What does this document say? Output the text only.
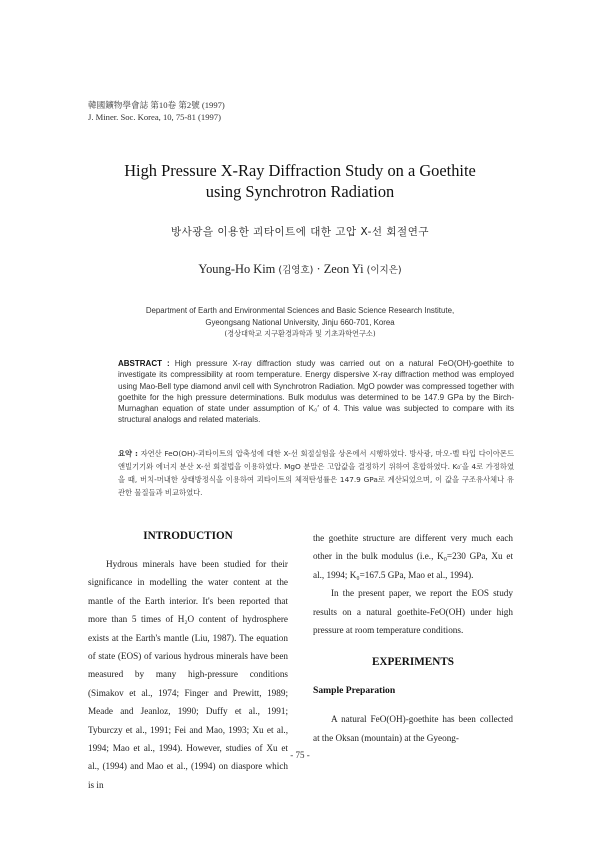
韓國鑛物學會誌 第10卷 第2號 (1997)
J. Miner. Soc. Korea, 10, 75-81 (1997)
High Pressure X-Ray Diffraction Study on a Goethite
using Synchrotron Radiation
방사광을 이용한 괴타이트에 대한 고압 X-선 회절연구
Young-Ho Kim (김영호) · Zeon Yi (이지은)
Department of Earth and Environmental Sciences and Basic Science Research Institute,
Gyeongsang National University, Jinju 660-701, Korea
(경상대학교 지구환경과학과 및 기초과학연구소)
ABSTRACT : High pressure X-ray diffraction study was carried out on a natural FeO(OH)-goethite to investigate its compressibility at room temperature. Energy dispersive X-ray diffraction method was employed using Mao-Bell type diamond anvil cell with Synchrotron Radiation. MgO powder was compressed together with goethite for the high pressure determinations. Bulk modulus was determined to be 147.9 GPa by the Birch-Murnaghan equation of state under assumption of K₀′ of 4. This value was subjected to compare with its structural analogs and related materials.
요약 : 자연산 FeO(OH)-괴타이트의 압축성에 대한 X-선 회절실험을 상온에서 시행하였다. 방사광, 마오-벨 타입 다이아몬드 앤빌기기와 에너지 분산 X-선 회절법을 이용하였다. MgO 분말은 고압값을 결정하기 위하여 혼합하였다. K₀′을 4로 가정하였을 때, 버치-머내한 상태방정식을 이용하여 괴타이트의 체적탄성률은 147.9 GPa로 계산되었으며, 이 값을 구조유사체나 유관한 물질들과 비교하였다.
INTRODUCTION

Hydrous minerals have been studied for their significance in modelling the water content at the mantle of the Earth interior. It's been reported that more than 5 times of H₂O content of hydrosphere exists at the Earth's mantle (Liu, 1987). The equation of state (EOS) of various hydrous minerals have been measured by many high-pressure conditions (Simakov et al., 1974; Finger and Prewitt, 1989; Meade and Jeanloz, 1990; Duffy et al., 1991; Tyburczy et al., 1991; Fei and Mao, 1993; Xu et al., 1994; Mao et al., 1994). However, studies of Xu et al., (1994) and Mao et al., (1994) on diaspore which is in

the goethite structure are different very much each other in the bulk modulus (i.e., K₀=230 GPa, Xu et al., 1994; K₀=167.5 GPa, Mao et al., 1994).

In the present paper, we report the EOS study results on a natural goethite-FeO(OH) under high pressure at room temperature conditions.

EXPERIMENTS
Sample Preparation

A natural FeO(OH)-goethite has been collected at the Oksan (mountain) at the Gyeong-

- 75 -
